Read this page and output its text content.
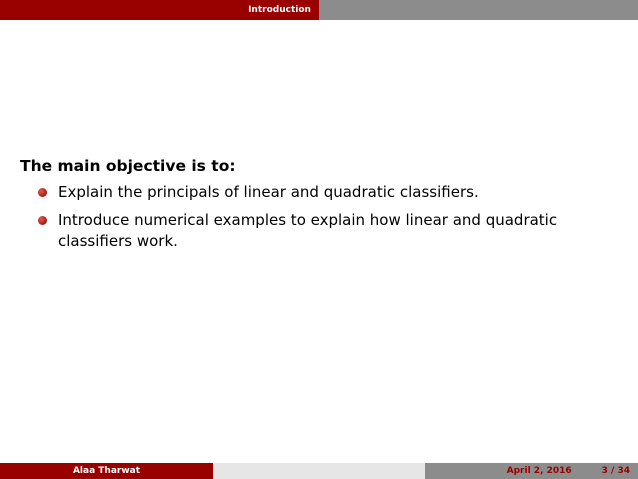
Introduction
The main objective is to:
Explain the principals of linear and quadratic classifiers.
Introduce numerical examples to explain how linear and quadratic classifiers work.
Alaa Tharwat	April 2, 2016	3 / 34
